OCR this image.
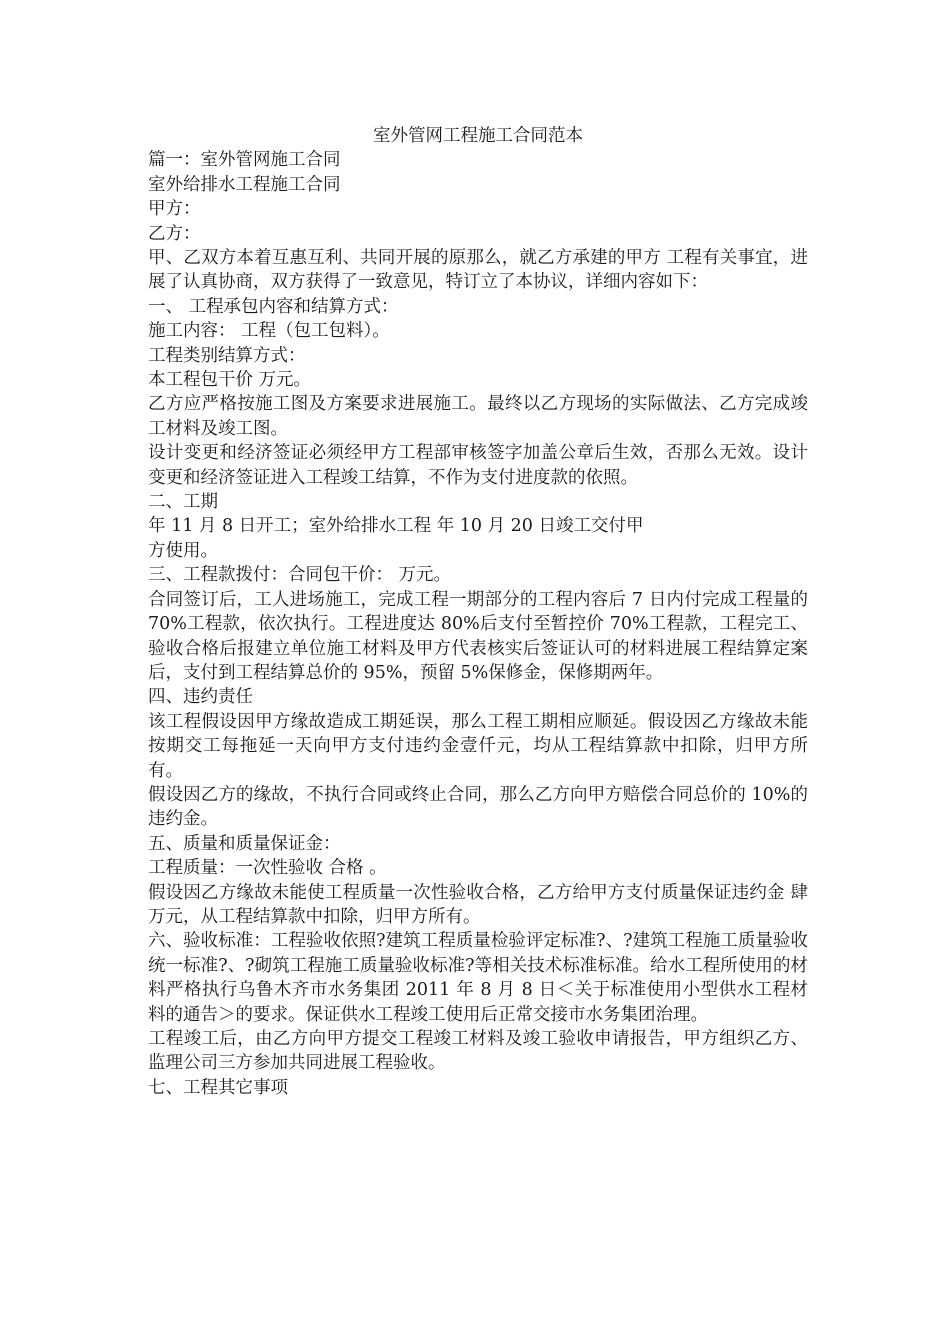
室外管网工程施工合同范本

篇一：室外管网施工合同

室外给排水工程施工合同

甲方：

乙方：

甲、乙双方本着互惠互利、共同开展的原那么，就乙方承建的甲方 工程有关事宜，进展了认真协商，双方获得了一致意见，特订立了本协议，详细内容如下：

一、 工程承包内容和结算方式：

施工内容： 工程（包工包料）。

工程类别结算方式：

本工程包干价 万元。

乙方应严格按施工图及方案要求进展施工。最终以乙方现场的实际做法、乙方完成竣工材料及竣工图。

设计变更和经济签证必须经甲方工程部审核签字加盖公章后生效，否那么无效。设计变更和经济签证进入工程竣工结算，不作为支付进度款的依照。

二、工期

年 11 月 8 日开工；室外给排水工程 年 10 月 20 日竣工交付甲

方使用。

三、工程款拨付：合同包干价： 万元。

合同签订后，工人进场施工，完成工程一期部分的工程内容后 7 日内付完成工程量的 70%工程款，依次执行。工程进度达 80%后支付至暂控价 70%工程款，工程完工、验收合格后报建立单位施工材料及甲方代表核实后签证认可的材料进展工程结算定案后，支付到工程结算总价的 95%，预留 5%保修金，保修期两年。

四、违约责任

该工程假设因甲方缘故造成工期延误，那么工程工期相应顺延。假设因乙方缘故未能按期交工每拖延一天向甲方支付违约金壹仟元，均从工程结算款中扣除，归甲方所有。

假设因乙方的缘故，不执行合同或终止合同，那么乙方向甲方赔偿合同总价的 10%的违约金。

五、质量和质量保证金：

工程质量：一次性验收 合格 。

假设因乙方缘故未能使工程质量一次性验收合格，乙方给甲方支付质量保证违约金 肆 万元，从工程结算款中扣除，归甲方所有。

六、验收标准：工程验收依照?建筑工程质量检验评定标准?、?建筑工程施工质量验收统一标准?、?砌筑工程施工质量验收标准?等相关技术标准标准。给水工程所使用的材料严格执行乌鲁木齐市水务集团 2011 年 8 月 8 日＜关于标准使用小型供水工程材料的通告＞的要求。保证供水工程竣工使用后正常交接市水务集团治理。

工程竣工后，由乙方向甲方提交工程竣工材料及竣工验收申请报告，甲方组织乙方、监理公司三方参加共同进展工程验收。

七、工程其它事项
